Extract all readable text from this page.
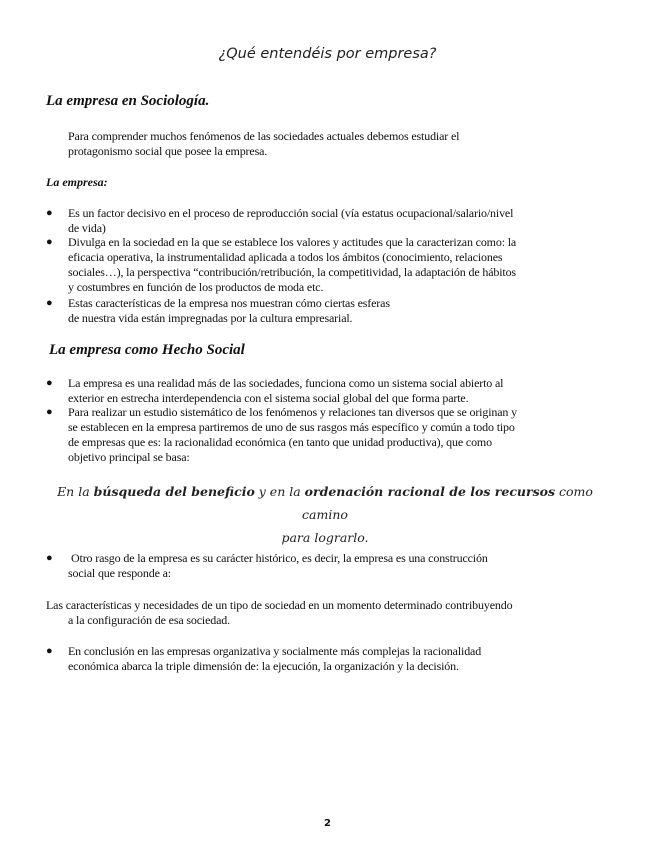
¿Qué entendéis por empresa?
La empresa en Sociología.
Para comprender muchos fenómenos de las sociedades actuales debemos estudiar el
protagonismo social que posee la empresa.
La empresa:
● Es un factor decisivo en el proceso de reproducción social (vía estatus ocupacional/salario/nivel
de vida)
● Divulga en la sociedad en la que se establece los valores y actitudes que la caracterizan como: la
eficacia operativa, la instrumentalidad aplicada a todos los ámbitos (conocimiento, relaciones
sociales…), la perspectiva “contribución/retribución, la competitividad, la adaptación de hábitos
y costumbres en función de los productos de moda etc.
● Estas características de la empresa nos muestran cómo ciertas esferas
de nuestra vida están impregnadas por la cultura empresarial.
La empresa como Hecho Social
● La empresa es una realidad más de las sociedades, funciona como un sistema social abierto al
exterior en estrecha interdependencia con el sistema social global del que forma parte.
● Para realizar un estudio sistemático de los fenómenos y relaciones tan diversos que se originan y
se establecen en la empresa partiremos de uno de sus rasgos más específico y común a todo tipo
de empresas que es: la racionalidad económica (en tanto que unidad productiva), que como
objetivo principal se basa:
En la búsqueda del beneficio y en la ordenación racional de los recursos como camino
para lograrlo.
● Otro rasgo de la empresa es su carácter histórico, es decir, la empresa es una construcción
social que responde a:
Las características y necesidades de un tipo de sociedad en un momento determinado contribuyendo
a la configuración de esa sociedad.
● En conclusión en las empresas organizativa y socialmente más complejas la racionalidad
económica abarca la triple dimensión de: la ejecución, la organización y la decisión.
2
